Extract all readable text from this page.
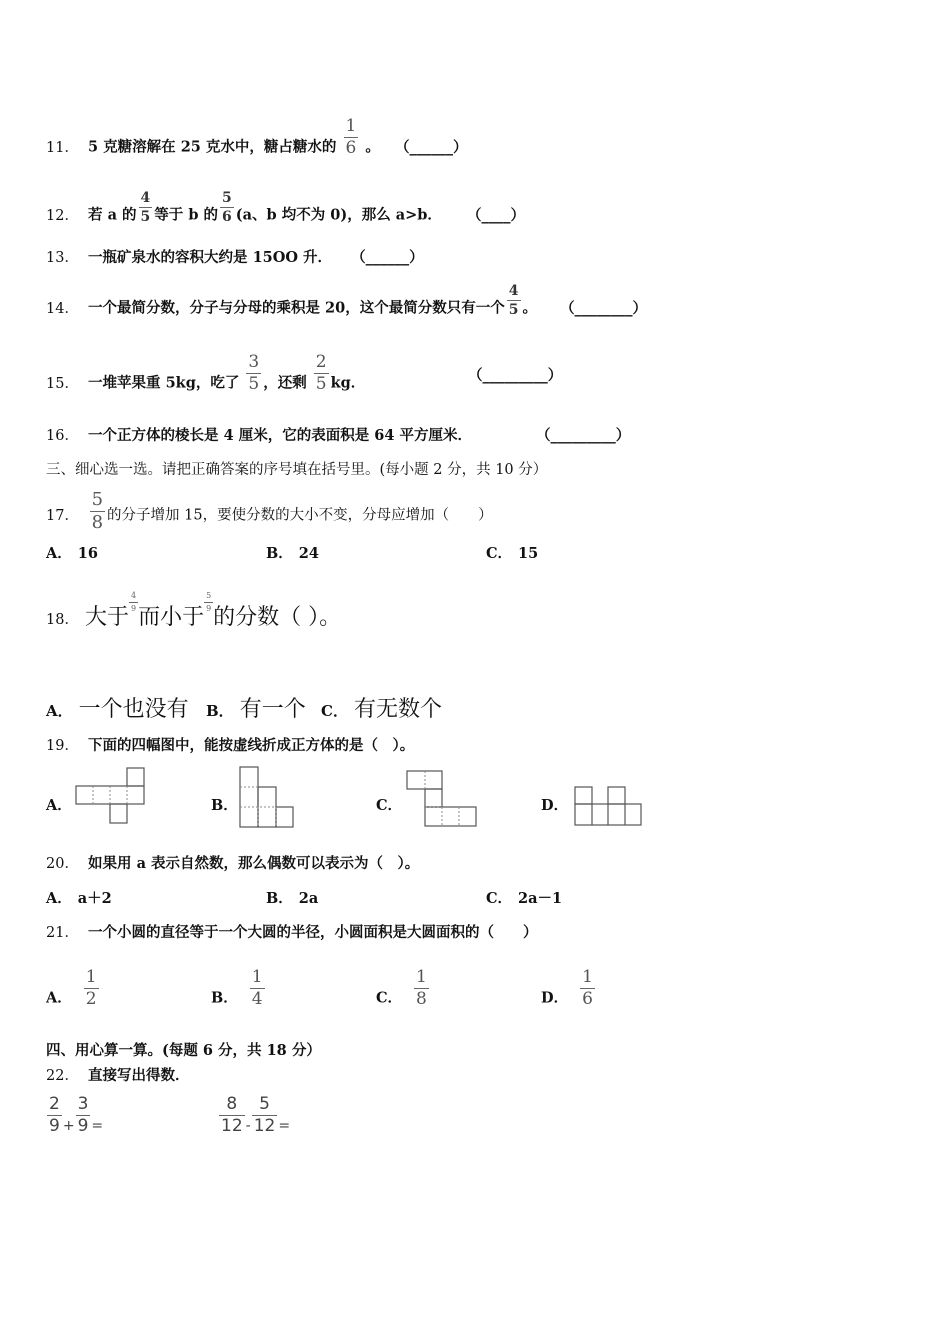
11． 5 克糖溶解在 25 克水中，糖占糖水的 $\frac{1}{6}$ 。 （______）
12． 若 a 的 $\frac{4}{5}$ 等于 b 的 $\frac{5}{6} (a$、b 均不为 0)，那么 a>b． （____）
13． 一瓶矿泉水的容积大约是 15OO 升． （______）
14． 一个最简分数，分子与分母的乘积是 20，这个最简分数只有一个 $\frac{4}{5}$ 。 （________）
15． 一堆苹果重 5kg，吃了 $\frac{3}{5}$ ，还剩 $\frac{2}{5}$ kg．	（_________）
16． 一个正方体的棱长是 4 厘米，它的表面积是 64 平方厘米．	（_________）
三、细心选一选。请把正确答案的序号填在括号里。(每小题 2 分，共 10 分）
17． $\frac{5}{8}$ 的分子增加 15，要使分数的大小不变，分母应增加（　　）
A． 16	B． 24	C． 15
18． 大于
$\frac{4}{9}$
而小于
$\frac{5}{9}$
的分数（ ）。
A． 一个也没有 B． 有一个 C． 有无数个
19． 下面的四幅图中，能按虚线折成正方体的是（　）。
A．	B．	C．	D．
20． 如果用 a 表示自然数，那么偶数可以表示为（　）。
A． a＋2	B． 2a	C． 2a－1
21． 一个小圆的直径等于一个大圆的半径，小圆面积是大圆面积的（　　）
A． $\frac{1}{2}$	B． $\frac{1}{4}$	C． $\frac{1}{8}$	D． $\frac{1}{6}$
四、用心算一算。(每题 6 分，共 18 分）
22． 直接写出得数．
$\frac{2}{9} + \frac{3}{9}$ =	$\frac{8}{12} - \frac{5}{12}$ =
